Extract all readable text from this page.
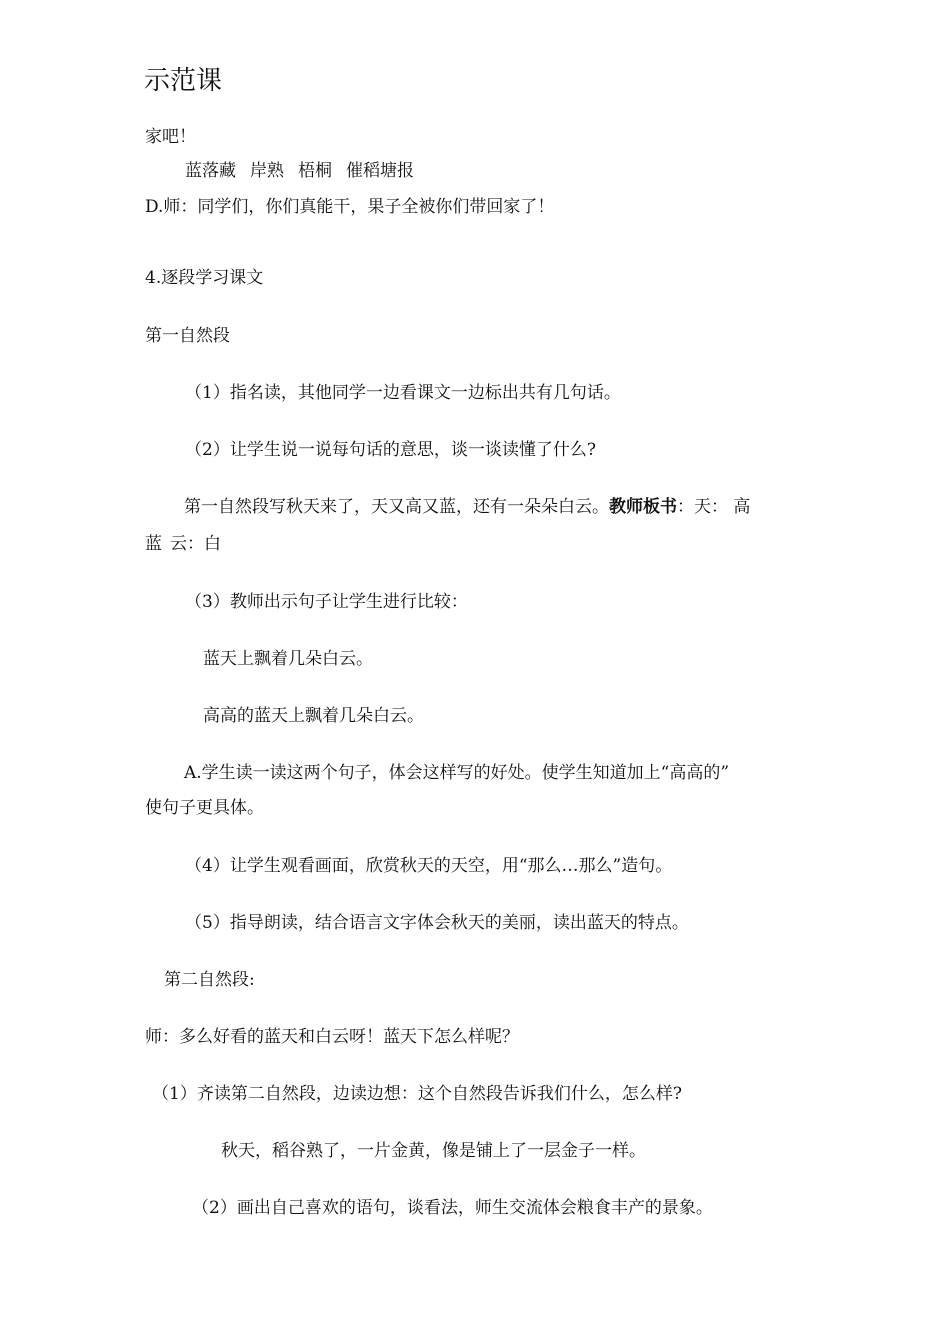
示范课
家吧！
蓝落藏 岸熟 梧桐 催稻塘报
D.师：同学们，你们真能干，果子全被你们带回家了！
4.逐段学习课文
第一自然段
（1）指名读，其他同学一边看课文一边标出共有几句话。
（2）让学生说一说每句话的意思，谈一谈读懂了什么?
第一自然段写秋天来了，天又高又蓝，还有一朵朵白云。教师板书：天： 高
蓝 云：白
（3）教师出示句子让学生进行比较：
蓝天上飘着几朵白云。
高高的蓝天上飘着几朵白云。
A.学生读一读这两个句子，体会这样写的好处。使学生知道加上“高高的”
使句子更具体。
（4）让学生观看画面，欣赏秋天的天空，用“那么…那么”造句。
（5）指导朗读，结合语言文字体会秋天的美丽，读出蓝天的特点。
第二自然段:
师：多么好看的蓝天和白云呀！蓝天下怎么样呢？
（1）齐读第二自然段，边读边想：这个自然段告诉我们什么，怎么样?
秋天，稻谷熟了，一片金黄，像是铺上了一层金子一样。
（2）画出自己喜欢的语句，谈看法，师生交流体会粮食丰产的景象。
